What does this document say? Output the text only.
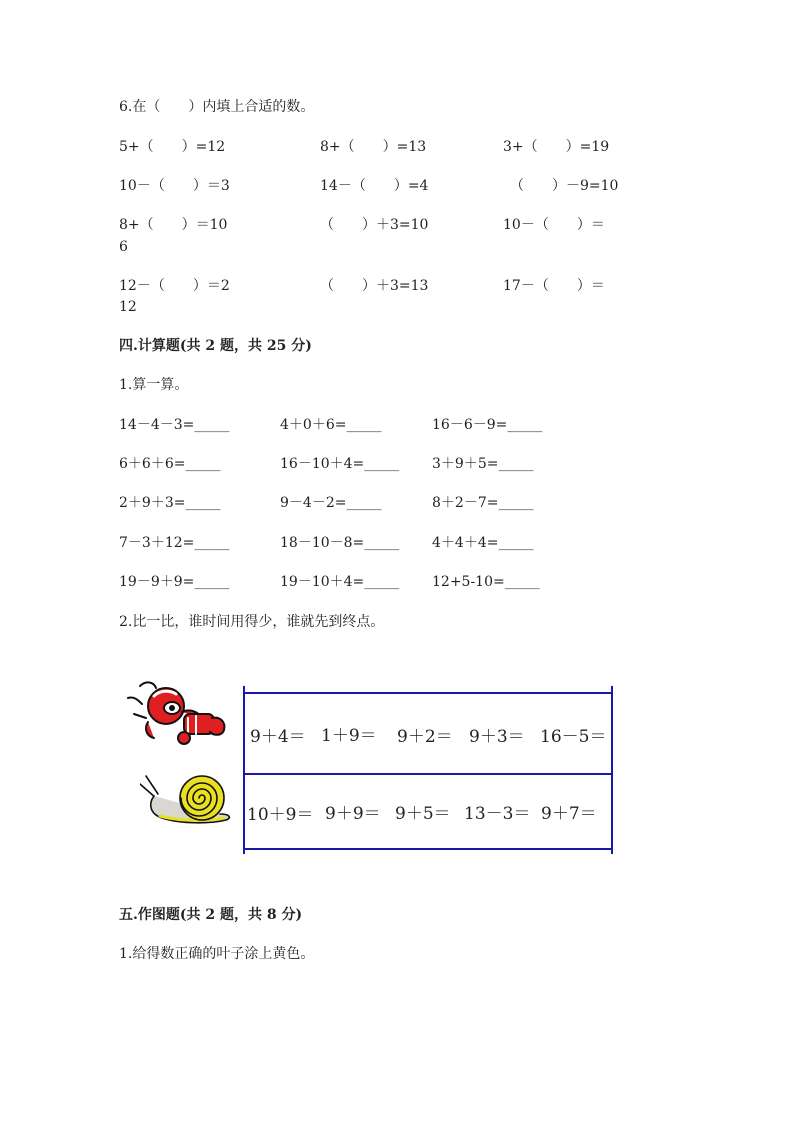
6.在（　　）内填上合适的数。
5+（　　）=12	8+（　　）=13	3+（　　）=19
10－（　　）＝3	14－（　　）=4	（　　）－9=10
8+（　　）＝10	（　　）＋3=10	10－（　　）＝
6
12－（　　）＝2	（　　）＋3=13	17－（　　）＝
12
四.计算题(共 2 题，共 25 分)
1.算一算。
14－4－3=_____	4＋0＋6=_____	16－6－9=_____
6＋6＋6=_____	16－10＋4=_____ 3＋9＋5=_____
2＋9＋3=_____	9－4－2=_____	8＋2－7=_____
7－3＋12=_____	18－10－8=_____ 4＋4＋4=_____
19－9＋9=_____	19－10＋4=_____ 12+5-10=_____
2.比一比，谁时间用得少，谁就先到终点。
9＋4＝ 1＋9＝ 9＋2＝ 9＋3＝ 16－5＝
10＋9＝ 9＋9＝ 9＋5＝ 13－3＝ 9＋7＝
五.作图题(共 2 题，共 8 分)
1.给得数正确的叶子涂上黄色。
